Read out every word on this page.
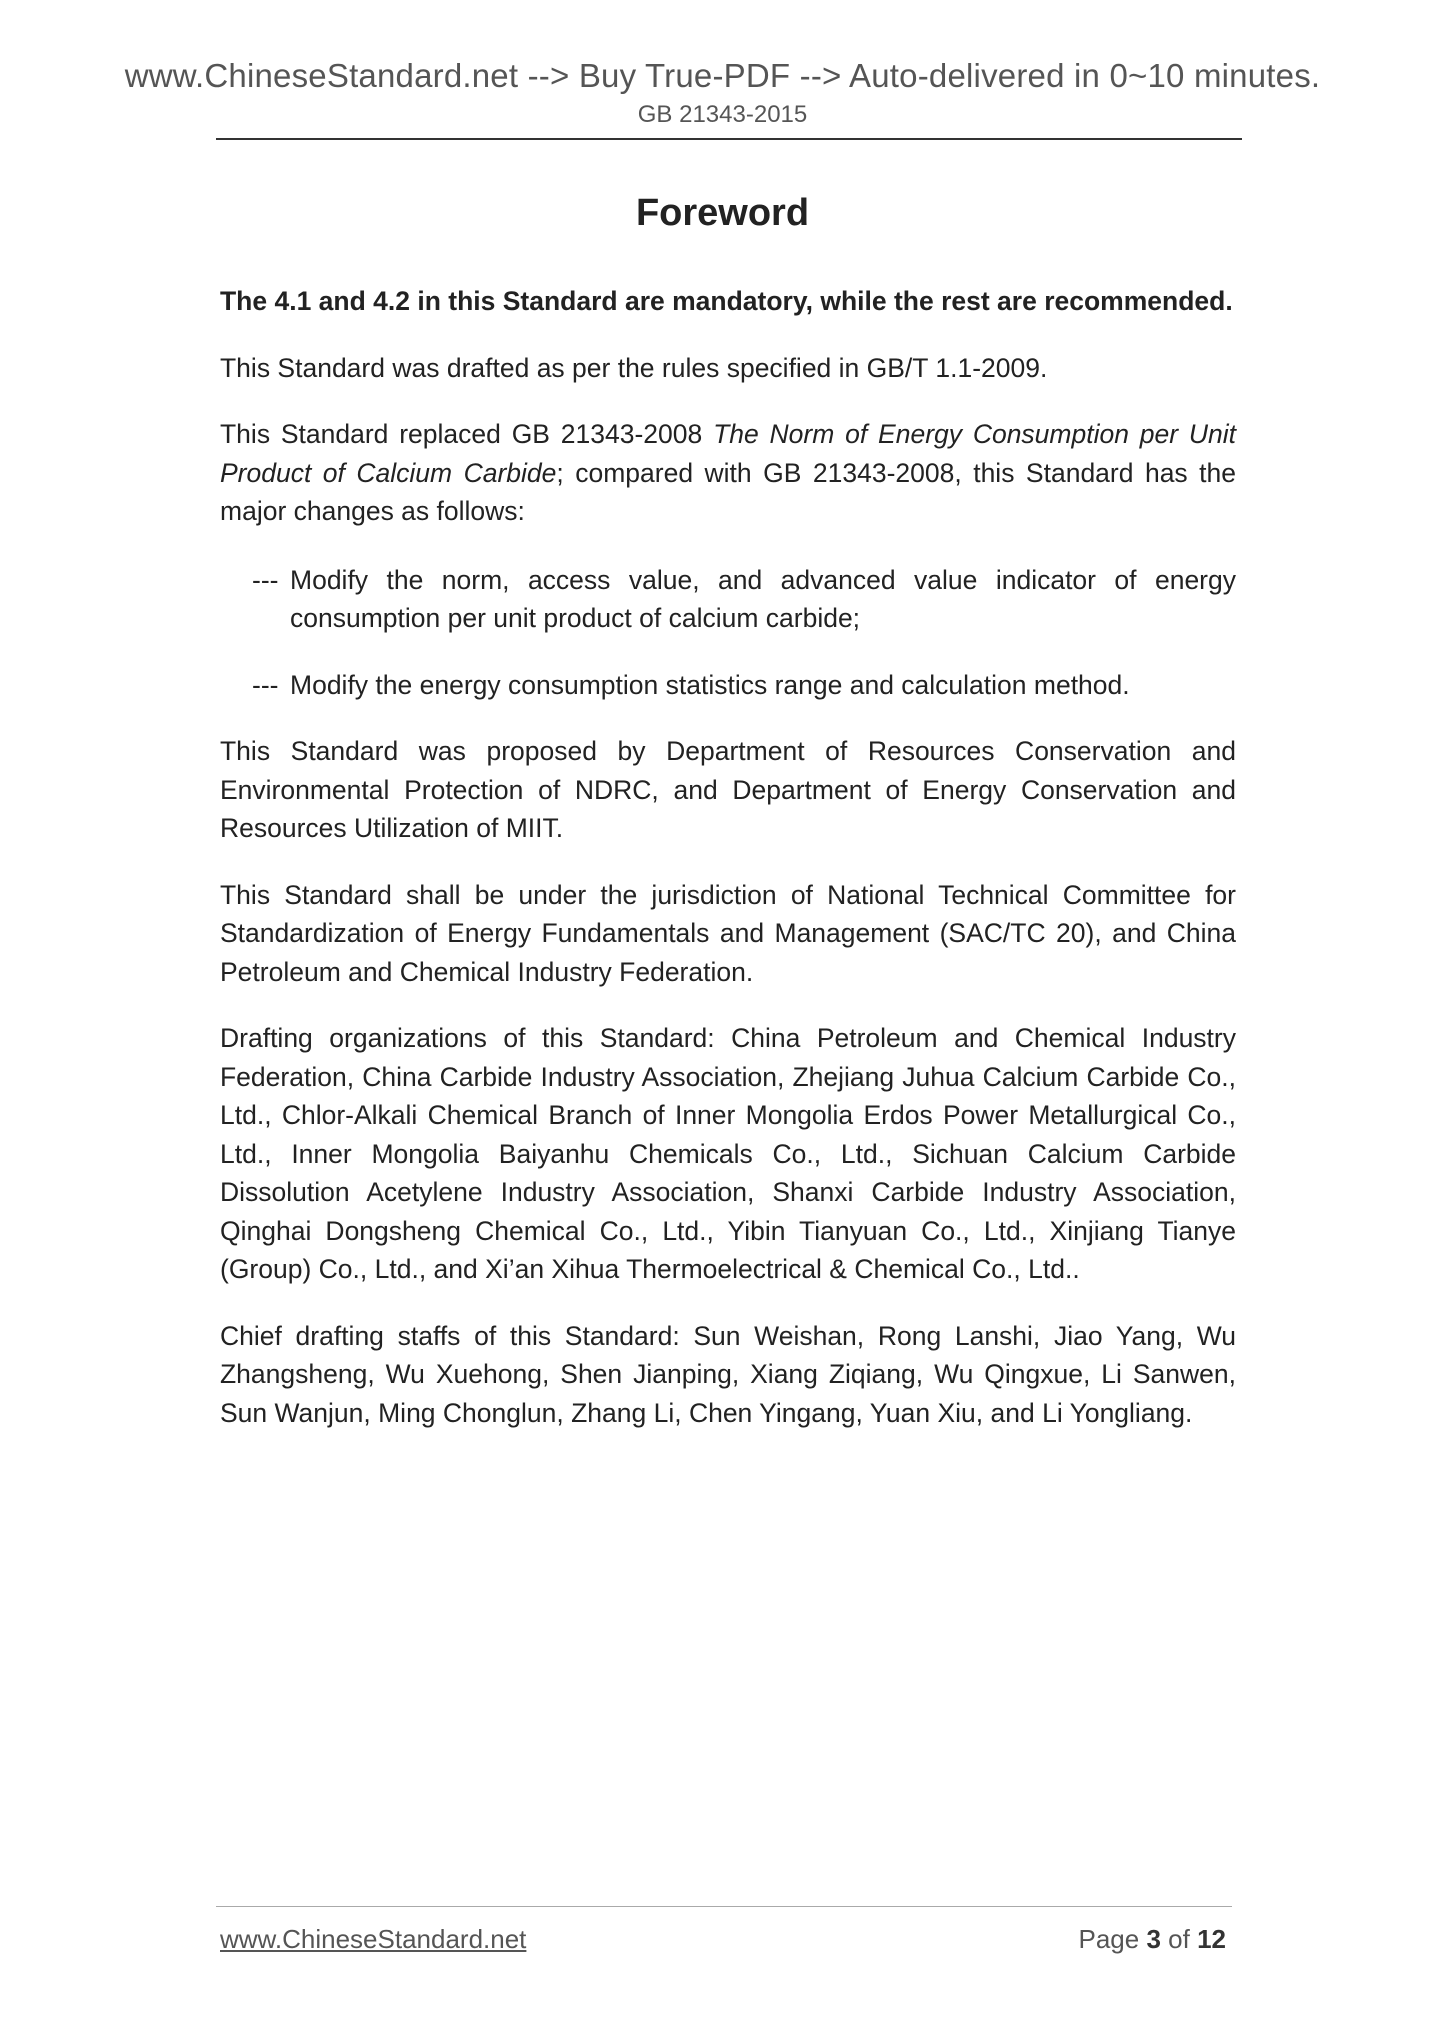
www.ChineseStandard.net --> Buy True-PDF --> Auto-delivered in 0~10 minutes.
GB 21343-2015
Foreword

The 4.1 and 4.2 in this Standard are mandatory, while the rest are recommended.

This Standard was drafted as per the rules specified in GB/T 1.1-2009.

This Standard replaced GB 21343-2008 The Norm of Energy Consumption per Unit Product of Calcium Carbide; compared with GB 21343-2008, this Standard has the major changes as follows:

--- Modify the norm, access value, and advanced value indicator of energy consumption per unit product of calcium carbide;

--- Modify the energy consumption statistics range and calculation method.

This Standard was proposed by Department of Resources Conservation and Environmental Protection of NDRC, and Department of Energy Conservation and Resources Utilization of MIIT.

This Standard shall be under the jurisdiction of National Technical Committee for Standardization of Energy Fundamentals and Management (SAC/TC 20), and China Petroleum and Chemical Industry Federation.

Drafting organizations of this Standard: China Petroleum and Chemical Industry Federation, China Carbide Industry Association, Zhejiang Juhua Calcium Carbide Co., Ltd., Chlor-Alkali Chemical Branch of Inner Mongolia Erdos Power Metallurgical Co., Ltd., Inner Mongolia Baiyanhu Chemicals Co., Ltd., Sichuan Calcium Carbide Dissolution Acetylene Industry Association, Shanxi Carbide Industry Association, Qinghai Dongsheng Chemical Co., Ltd., Yibin Tianyuan Co., Ltd., Xinjiang Tianye (Group) Co., Ltd., and Xi’an Xihua Thermoelectrical & Chemical Co., Ltd..

Chief drafting staffs of this Standard: Sun Weishan, Rong Lanshi, Jiao Yang, Wu Zhangsheng, Wu Xuehong, Shen Jianping, Xiang Ziqiang, Wu Qingxue, Li Sanwen, Sun Wanjun, Ming Chonglun, Zhang Li, Chen Yingang, Yuan Xiu, and Li Yongliang.

www.ChineseStandard.net	Page 3 of 12
